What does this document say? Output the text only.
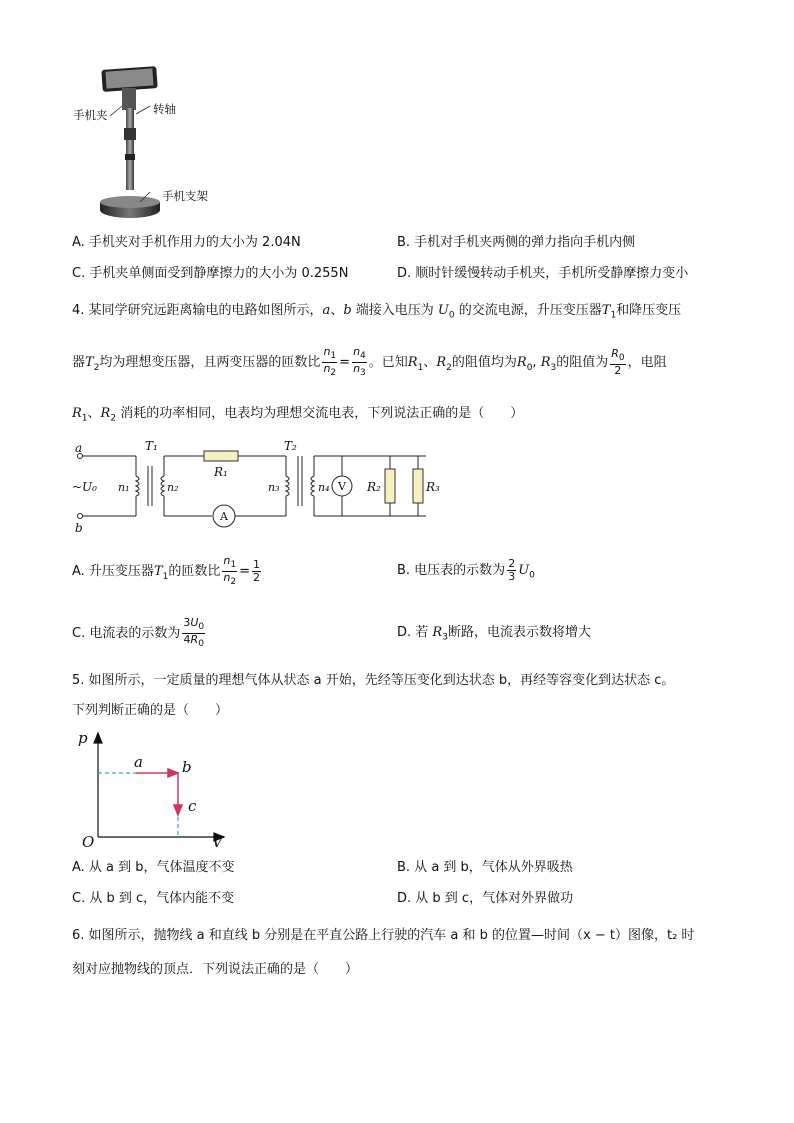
手机夹	转轴
手机支架
A. 手机夹对手机作用力的大小为 2.04N	B. 手机对手机夹两侧的弹力指向手机内侧
C. 手机夹单侧面受到静摩擦力的大小为 0.255N	D. 顺时针缓慢转动手机夹，手机所受静摩擦力变小
4. 某同学研究远距离输电的电路如图所示，a、b 端接入电压为 $U_0$ 的交流电源，升压变压器$T_1$和降压变压
器$T_2$均为理想变压器，且两变压器的匝数比 $\frac{n_1}{n_2} = \frac{n_4}{n_3}$ 。已知$R_1$、$R_2$的阻值均为$R_0$, $R_3$的阻值为 $\frac{R_0}{2}$ ，电阻
$R_1$、$R_2$ 消耗的功率相同，电表均为理想交流电表，下列说法正确的是（　　）
a
b
~U₀
T₁	T₂
R₁
n₁	n₂	n₃	n₄	R₂	R₃
A
V
A. 升压变压器$T_1$的匝数比 $\frac{n_1}{n_2} = \frac{1}{2}$	B. 电压表的示数为 $\frac{2}{3} U_0$
C. 电流表的示数为 $\frac{3U_0}{4R_0}$	D. 若 $R_3$断路，电流表示数将增大
5. 如图所示，一定质量的理想气体从状态 a 开始，先经等压变化到达状态 b，再经等容变化到达状态 c。
下列判断正确的是（　　）
p
V
O
a	b
c
A. 从 a 到 b，气体温度不变	B. 从 a 到 b，气体从外界吸热
C. 从 b 到 c，气体内能不变	D. 从 b 到 c，气体对外界做功
6. 如图所示，抛物线 a 和直线 b 分别是在平直公路上行驶的汽车 a 和 b 的位置—时间（x − t）图像，t₂ 时
刻对应抛物线的顶点．下列说法正确的是（　　）
